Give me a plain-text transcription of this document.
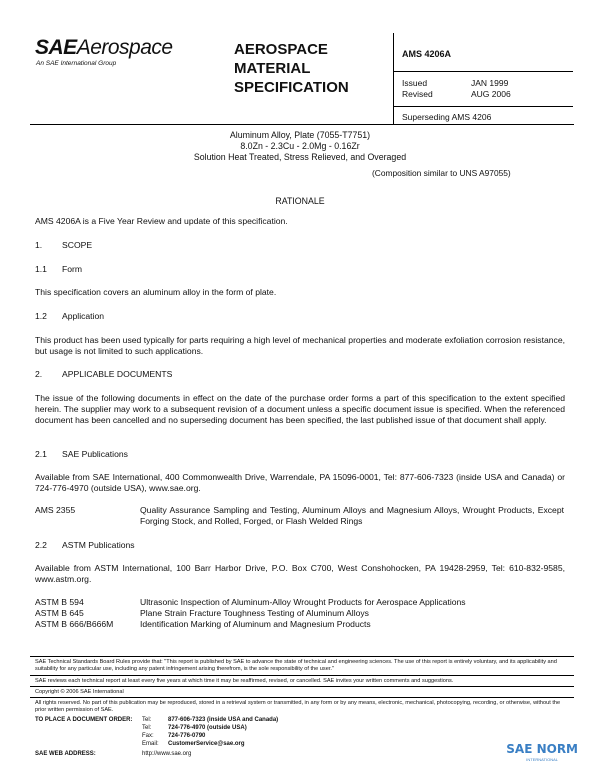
SAEAerospace
An SAE International Group
AEROSPACE
MATERIAL
SPECIFICATION
AMS 4206A
Issued	JAN 1999
Revised	AUG 2006
Superseding AMS 4206
Aluminum Alloy, Plate (7055-T7751)
8.0Zn - 2.3Cu - 2.0Mg - 0.16Zr
Solution Heat Treated, Stress Relieved, and Overaged
(Composition similar to UNS A97055)
RATIONALE
AMS 4206A is a Five Year Review and update of this specification.
1. SCOPE
1.1 Form
This specification covers an aluminum alloy in the form of plate.
1.2 Application
This product has been used typically for parts requiring a high level of mechanical properties and moderate exfoliation corrosion resistance, but usage is not limited to such applications.
2. APPLICABLE DOCUMENTS
The issue of the following documents in effect on the date of the purchase order forms a part of this specification to the extent specified herein. The supplier may work to a subsequent revision of a document unless a specific document issue is specified. When the referenced document has been cancelled and no superseding document has been specified, the last published issue of that document shall apply.
2.1 SAE Publications
Available from SAE International, 400 Commonwealth Drive, Warrendale, PA 15096-0001, Tel: 877-606-7323 (inside USA and Canada) or 724-776-4970 (outside USA), www.sae.org.
AMS 2355	Quality Assurance Sampling and Testing, Aluminum Alloys and Magnesium Alloys, Wrought Products, Except Forging Stock, and Rolled, Forged, or Flash Welded Rings
2.2 ASTM Publications
Available from ASTM International, 100 Barr Harbor Drive, P.O. Box C700, West Conshohocken, PA 19428-2959, Tel: 610-832-9585, www.astm.org.
ASTM B 594	Ultrasonic Inspection of Aluminum-Alloy Wrought Products for Aerospace Applications
ASTM B 645	Plane Strain Fracture Toughness Testing of Aluminum Alloys
ASTM B 666/B666M	Identification Marking of Aluminum and Magnesium Products
SAE Technical Standards Board Rules provide that: "This report is published by SAE to advance the state of technical and engineering sciences. The use of this report is entirely voluntary, and its applicability and suitability for any particular use, including any patent infringement arising therefrom, is the sole responsibility of the user."
SAE reviews each technical report at least every five years at which time it may be reaffirmed, revised, or cancelled. SAE invites your written comments and suggestions.
Copyright © 2006 SAE International
All rights reserved. No part of this publication may be reproduced, stored in a retrieval system or transmitted, in any form or by any means, electronic, mechanical, photocopying, recording, or otherwise, without the prior written permission of SAE.
TO PLACE A DOCUMENT ORDER: Tel:	877-606-7323 (inside USA and Canada)
Tel:	724-776-4970 (outside USA)
Fax: 724-776-0790
Email: CustomerService@sae.org
SAE WEB ADDRESS:	http://www.sae.org	SAE NORM
INTERNATIONAL
